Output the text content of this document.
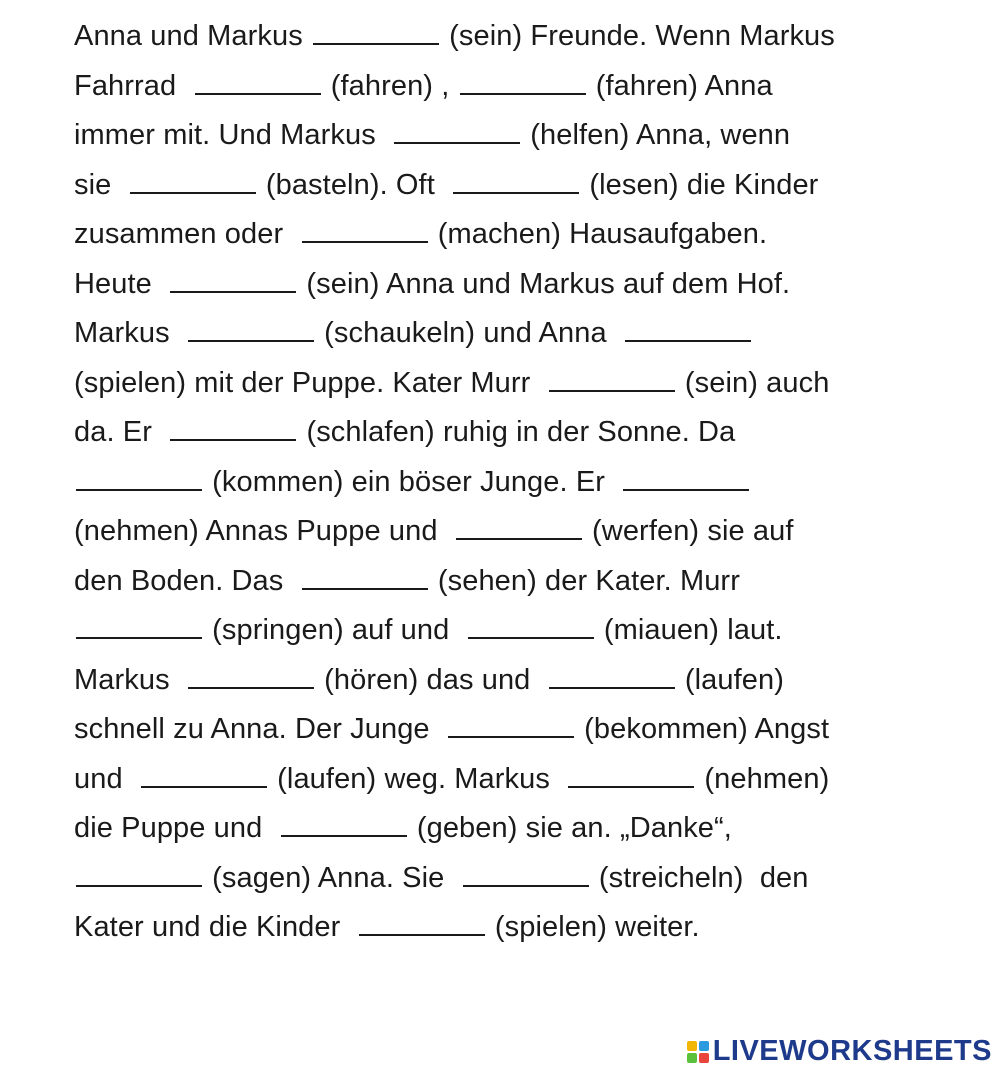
Anna und Markus	(sein) Freunde. Wenn Markus
Fahrrad	(fahren) ,	(fahren) Anna
immer mit. Und Markus	(helfen) Anna, wenn
sie	(basteln). Oft	(lesen) die Kinder
zusammen oder	(machen) Hausaufgaben.
Heute	(sein) Anna und Markus auf dem Hof.
Markus	(schaukeln) und Anna
(spielen) mit der Puppe. Kater Murr	(sein) auch
da. Er	(schlafen) ruhig in der Sonne. Da
(kommen) ein böser Junge. Er
(nehmen) Annas Puppe und	(werfen) sie auf
den Boden. Das	(sehen) der Kater. Murr
(springen) auf und	(miauen) laut.
Markus	(hören) das und	(laufen)
schnell zu Anna. Der Junge	(bekommen) Angst
und	(laufen) weg. Markus	(nehmen)
die Puppe und	(geben) sie an. „Danke“,
(sagen) Anna. Sie	(streicheln)  den
Kater und die Kinder	(spielen) weiter.
LIVEWORKSHEETS
